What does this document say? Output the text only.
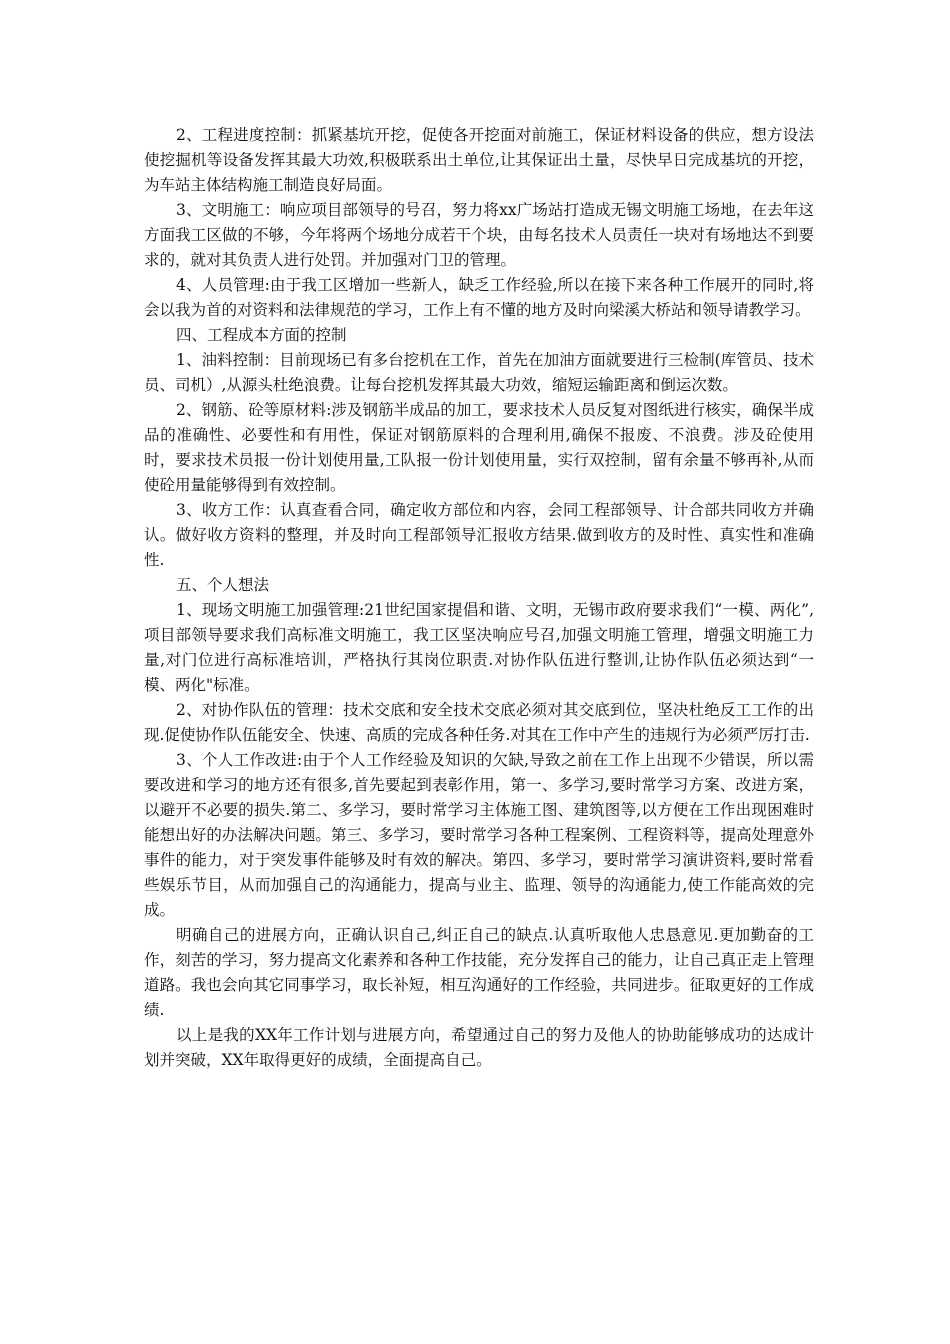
2、工程进度控制：抓紧基坑开挖，促使各开挖面对前施工，保证材料设备的供应，想方设法使挖掘机等设备发挥其最大功效,积极联系出土单位,让其保证出土量，尽快早日完成基坑的开挖，为车站主体结构施工制造良好局面。

3、文明施工：响应项目部领导的号召，努力将xx广场站打造成无锡文明施工场地，在去年这方面我工区做的不够，今年将两个场地分成若干个块，由每名技术人员责任一块对有场地达不到要求的，就对其负责人进行处罚。并加强对门卫的管理。

4、人员管理:由于我工区增加一些新人，缺乏工作经验,所以在接下来各种工作展开的同时,将会以我为首的对资料和法律规范的学习，工作上有不懂的地方及时向梁溪大桥站和领导请教学习。

四、工程成本方面的控制

1、油料控制：目前现场已有多台挖机在工作，首先在加油方面就要进行三检制(库管员、技术员、司机）,从源头杜绝浪费。让每台挖机发挥其最大功效，缩短运输距离和倒运次数。

2、钢筋、砼等原材料:涉及钢筋半成品的加工，要求技术人员反复对图纸进行核实，确保半成品的准确性、必要性和有用性，保证对钢筋原料的合理利用,确保不报废、不浪费。涉及砼使用时，要求技术员报一份计划使用量,工队报一份计划使用量，实行双控制，留有余量不够再补,从而使砼用量能够得到有效控制。

3、收方工作：认真查看合同，确定收方部位和内容，会同工程部领导、计合部共同收方并确认。做好收方资料的整理，并及时向工程部领导汇报收方结果.做到收方的及时性、真实性和准确性.

五、个人想法

1、现场文明施工加强管理:21世纪国家提倡和谐、文明，无锡市政府要求我们“一模、两化”,项目部领导要求我们高标准文明施工，我工区坚决响应号召,加强文明施工管理，增强文明施工力量,对门位进行高标准培训，严格执行其岗位职责.对协作队伍进行整训,让协作队伍必须达到“一模、两化"标准。

2、对协作队伍的管理：技术交底和安全技术交底必须对其交底到位，坚决杜绝反工工作的出现.促使协作队伍能安全、快速、高质的完成各种任务.对其在工作中产生的违规行为必须严厉打击.

3、个人工作改进:由于个人工作经验及知识的欠缺,导致之前在工作上出现不少错误，所以需要改进和学习的地方还有很多,首先要起到表彰作用，第一、多学习,要时常学习方案、改进方案，以避开不必要的损失.第二、多学习，要时常学习主体施工图、建筑图等,以方便在工作出现困难时能想出好的办法解决问题。第三、多学习，要时常学习各种工程案例、工程资料等，提高处理意外事件的能力，对于突发事件能够及时有效的解决。第四、多学习，要时常学习演讲资料,要时常看些娱乐节目，从而加强自己的沟通能力，提高与业主、监理、领导的沟通能力,使工作能高效的完成。

明确自己的进展方向，正确认识自己,纠正自己的缺点.认真听取他人忠恳意见.更加勤奋的工作，刻苦的学习，努力提高文化素养和各种工作技能，充分发挥自己的能力，让自己真正走上管理道路。我也会向其它同事学习，取长补短，相互沟通好的工作经验，共同进步。征取更好的工作成绩.

以上是我的XX年工作计划与进展方向，希望通过自己的努力及他人的协助能够成功的达成计划并突破，XX年取得更好的成绩，全面提高自己。
